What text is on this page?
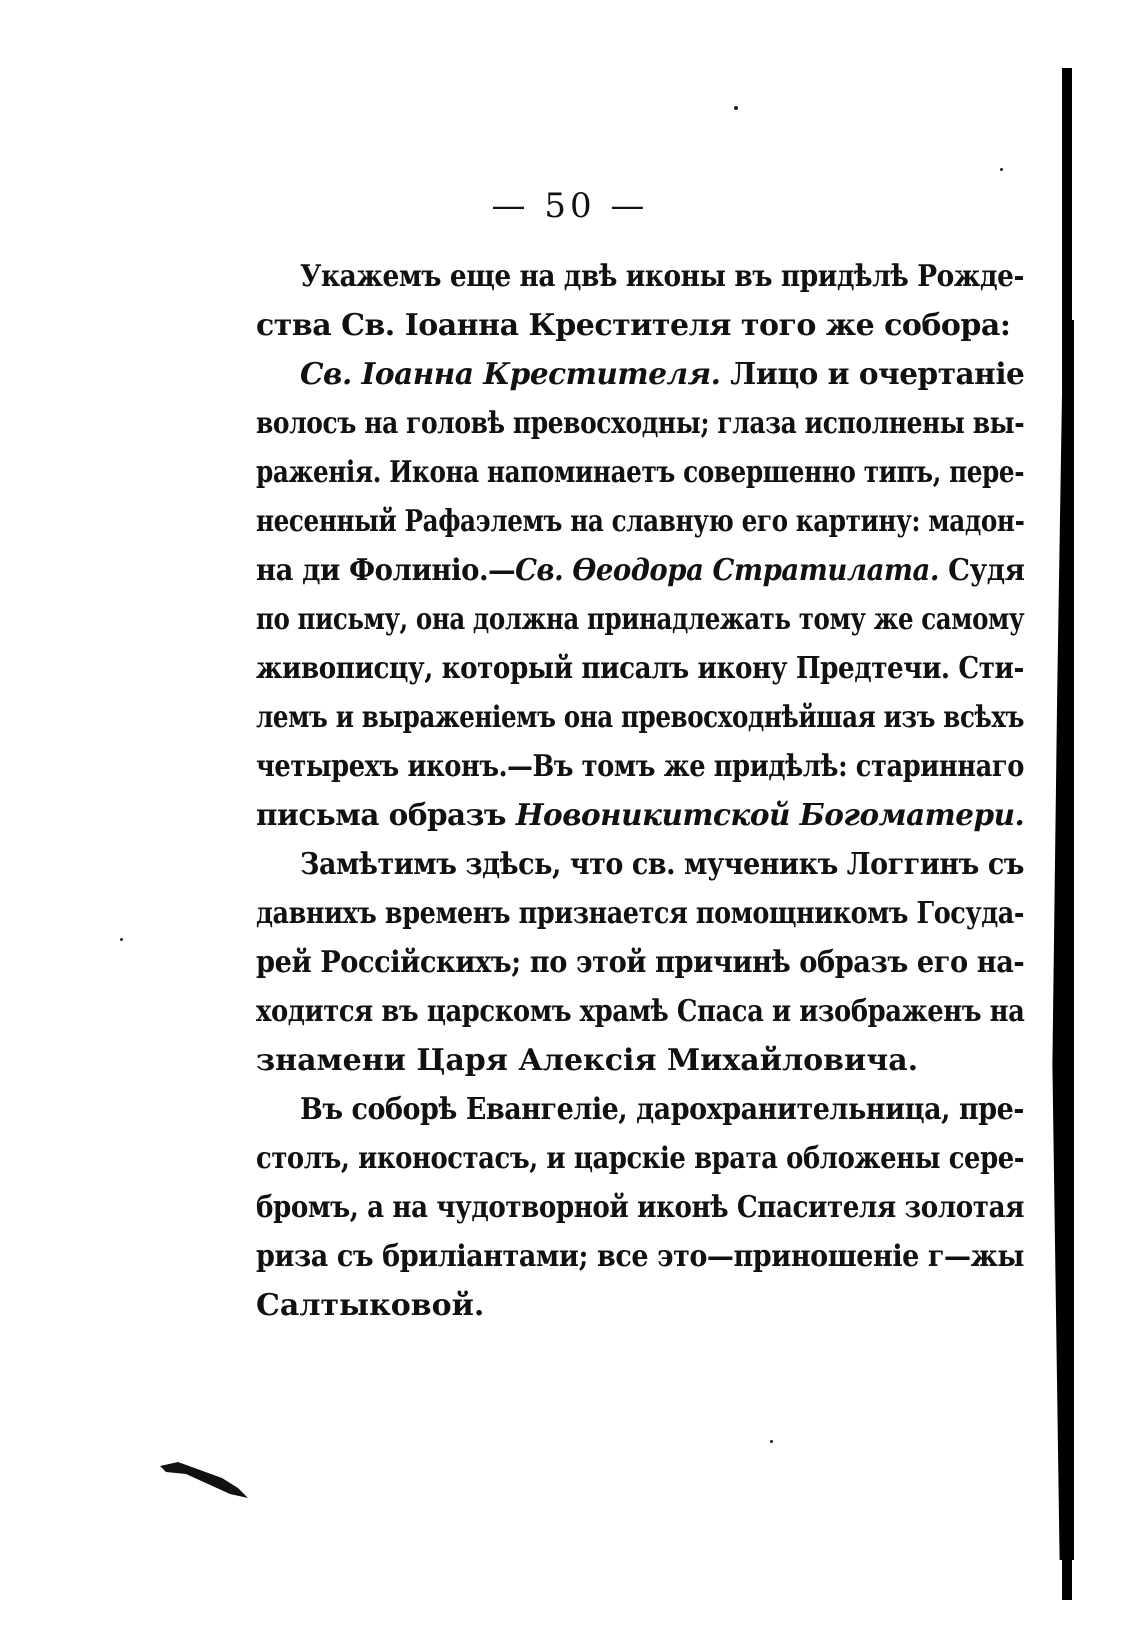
— 50 —
Укажемъ еще на двѣ иконы въ придѣлѣ Рожде-
ства Св. Іоанна Крестителя того же собора:
Св. Іоанна Крестителя. Лицо и очертаніе
волосъ на головѣ превосходны; глаза исполнены вы-
раженія. Икона напоминаетъ совершенно типъ, пере-
несенный Рафаэлемъ на славную его картину: мадон-
на ди Фолиніо.—Св. Ѳеодора Стратилата. Судя
по письму, она должна принадлежать тому же самому
живописцу, который писалъ икону Предтечи. Сти-
лемъ и выраженіемъ она превосходнѣйшая изъ всѣхъ
четырехъ иконъ.—Въ томъ же придѣлѣ: стариннаго
письма образъ Новоникитской Богоматери.
Замѣтимъ здѣсь, что св. мученикъ Логгинъ съ
давнихъ временъ признается помощникомъ Госуда-
рей Россійскихъ; по этой причинѣ образъ его на-
ходится въ царскомъ храмѣ Спаса и изображенъ на
знамени Царя Алексія Михайловича.
Въ соборѣ Евангеліе, дарохранительница, пре-
столъ, иконостасъ, и царскіе врата обложены сере-
бромъ, а на чудотворной иконѣ Спасителя золотая
риза съ бриліантами; все это—приношеніе г—жы
Салтыковой.
